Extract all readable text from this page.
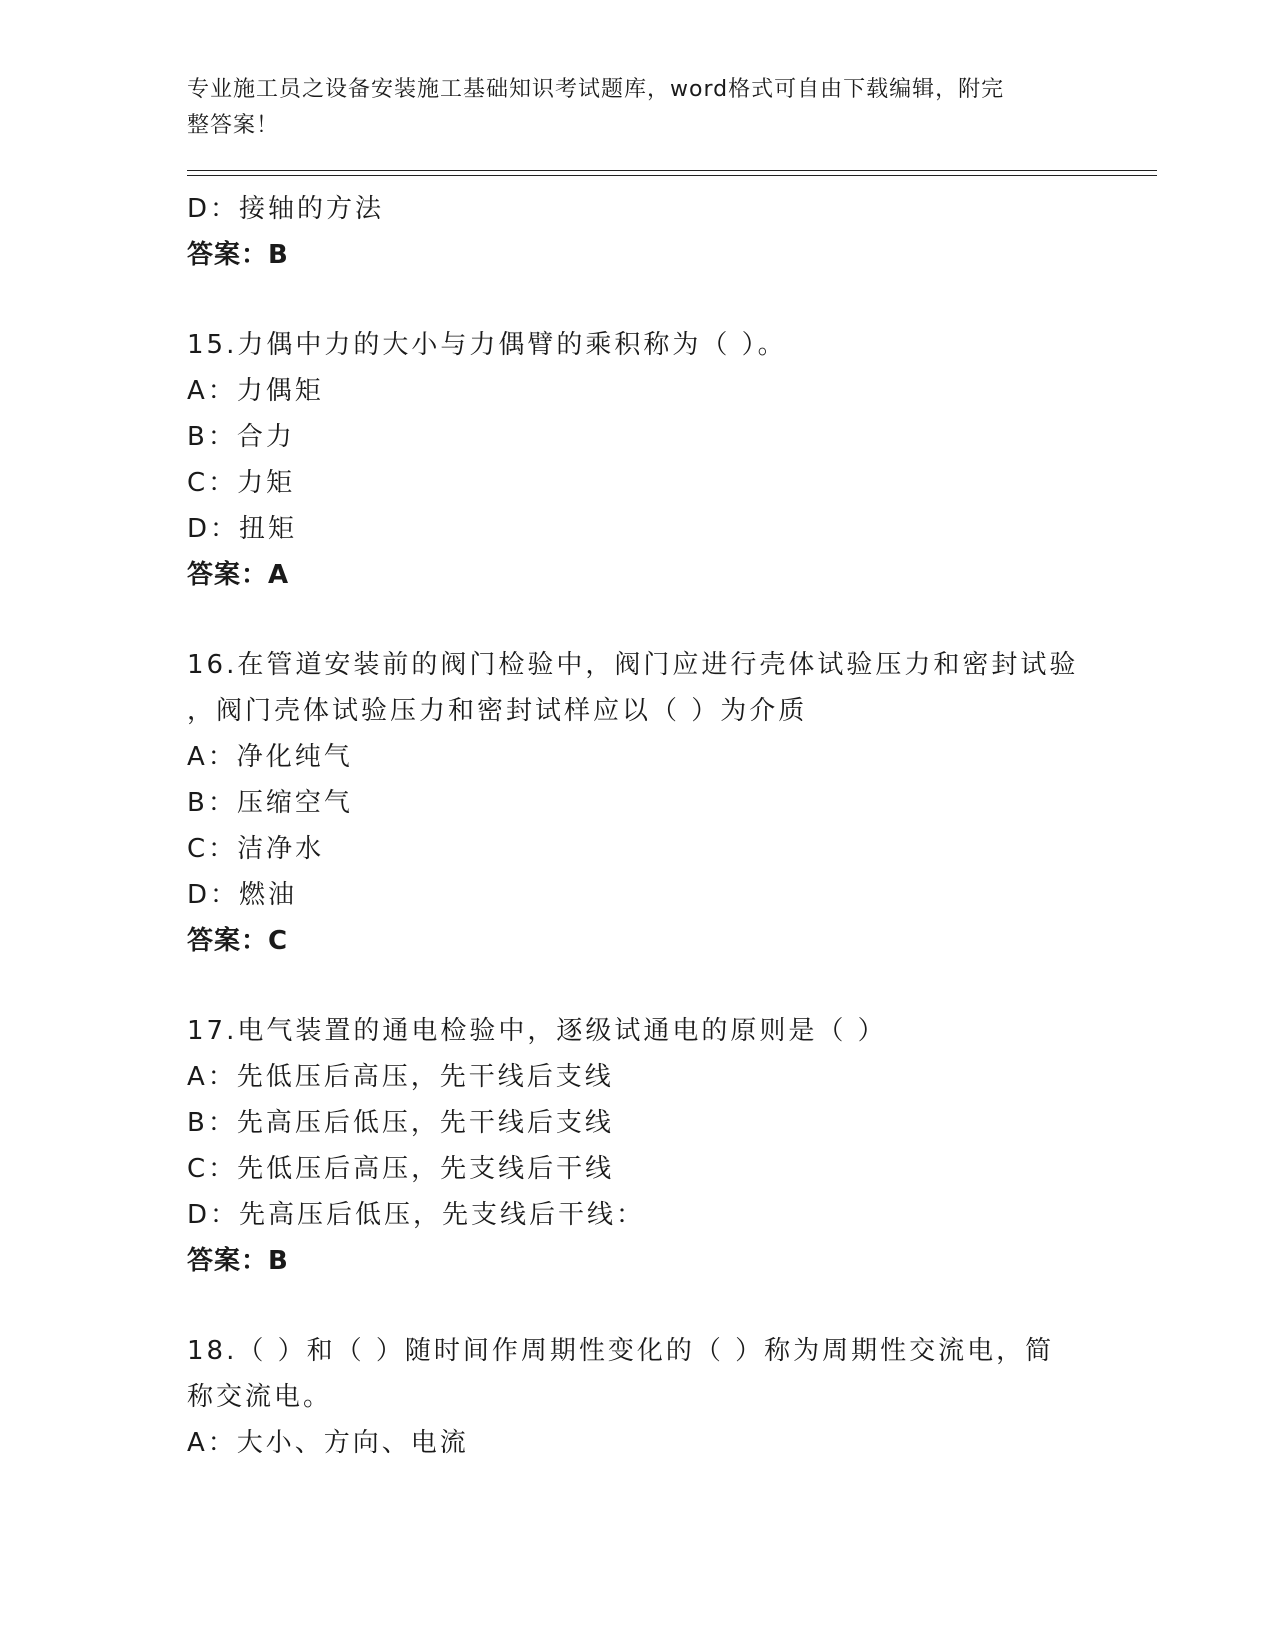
专业施工员之设备安装施工基础知识考试题库，word格式可自由下载编辑，附完
整答案！
D：接轴的方法
答案：B
15.力偶中力的大小与力偶臂的乘积称为（ ）。
A：力偶矩
B：合力
C：力矩
D：扭矩
答案：A
16.在管道安装前的阀门检验中，阀门应进行壳体试验压力和密封试验
，阀门壳体试验压力和密封试样应以（ ）为介质
A：净化纯气
B：压缩空气
C：洁净水
D：燃油
答案：C
17.电气装置的通电检验中，逐级试通电的原则是（ ）
A：先低压后高压，先干线后支线
B：先高压后低压，先干线后支线
C：先低压后高压，先支线后干线
D：先高压后低压，先支线后干线：
答案：B
18.（ ）和（ ）随时间作周期性变化的（ ）称为周期性交流电，简
称交流电。
A：大小、方向、电流
